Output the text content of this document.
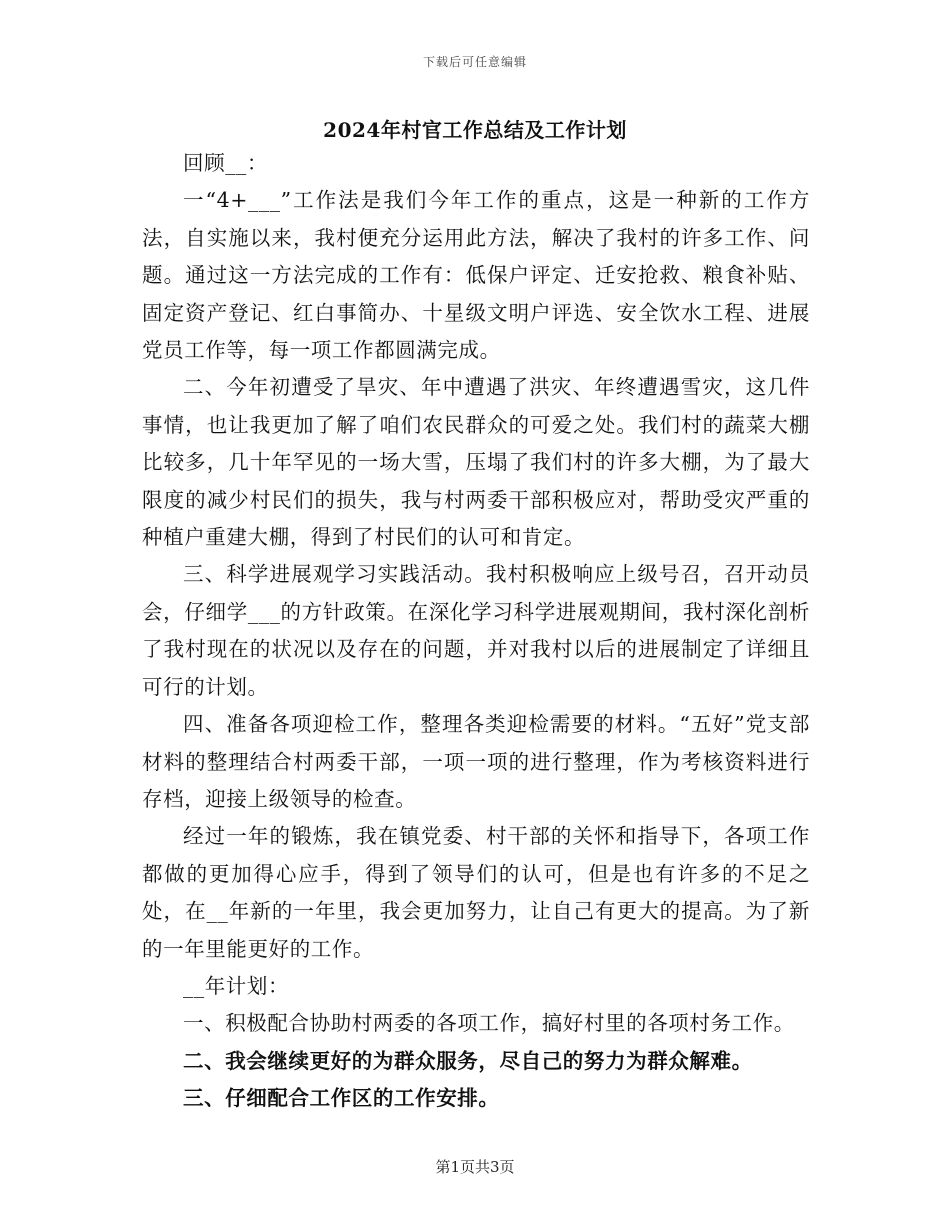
下载后可任意编辑
2024年村官工作总结及工作计划

回顾__：

一“4+___”工作法是我们今年工作的重点，这是一种新的工作方法，自实施以来，我村便充分运用此方法，解决了我村的许多工作、问题。通过这一方法完成的工作有：低保户评定、迁安抢救、粮食补贴、固定资产登记、红白事简办、十星级文明户评选、安全饮水工程、进展党员工作等，每一项工作都圆满完成。

二、今年初遭受了旱灾、年中遭遇了洪灾、年终遭遇雪灾，这几件事情，也让我更加了解了咱们农民群众的可爱之处。我们村的蔬菜大棚比较多，几十年罕见的一场大雪，压塌了我们村的许多大棚，为了最大限度的减少村民们的损失，我与村两委干部积极应对，帮助受灾严重的种植户重建大棚，得到了村民们的认可和肯定。

三、科学进展观学习实践活动。我村积极响应上级号召，召开动员会，仔细学___的方针政策。在深化学习科学进展观期间，我村深化剖析了我村现在的状况以及存在的问题，并对我村以后的进展制定了详细且可行的计划。

四、准备各项迎检工作，整理各类迎检需要的材料。“五好”党支部材料的整理结合村两委干部，一项一项的进行整理，作为考核资料进行存档，迎接上级领导的检查。

经过一年的锻炼，我在镇党委、村干部的关怀和指导下，各项工作都做的更加得心应手，得到了领导们的认可，但是也有许多的不足之处，在__年新的一年里，我会更加努力，让自己有更大的提高。为了新的一年里能更好的工作。

__年计划：

一、积极配合协助村两委的各项工作，搞好村里的各项村务工作。

二、我会继续更好的为群众服务，尽自己的努力为群众解难。

三、仔细配合工作区的工作安排。

第1页共3页
